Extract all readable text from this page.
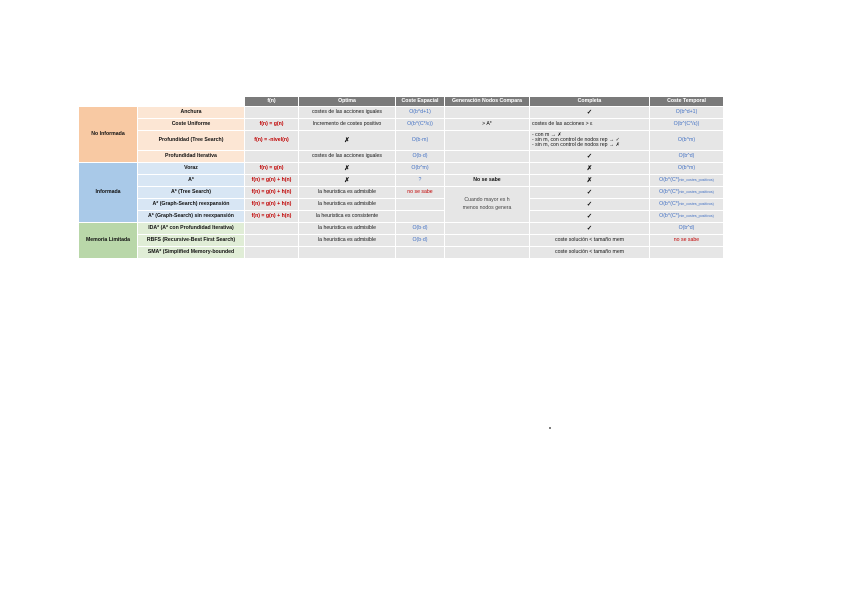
		f(n)	Optima	Coste Espacial	Generación Nodos Compara	Completa	Coste Temporal
No Informada	Anchura		costes de las acciones iguales	O(b^d+1)		✓	O(b^d+1)
	Coste Uniforme	f(n) = g(n)	Incremento de costes positivo	O(b^(C*/ε))	> A*	costes de las acciones > ε	O(b^(C*/ε))
	Profundidad (Tree Search)	f(n) = -nivel(n)	✗	O(b·m)		- con m → ✗
- sin m, con control de nodos rep → ✓
- sin m, con control de nodos rep → ✗	O(b^m)
	Profundidad Iterativa		costes de las acciones iguales	O(b·d)		✓	O(b^d)
Informada	Voraz	f(n) = g(n)	✗	O(b^m)		✗	O(b^m)
	A*	f(n) = g(n) + h(n)	✗	?	No se sabe	✗	O(b^(C*)nin_costes_positivos)
	A* (Tree Search)	f(n) = g(n) + h(n)	la heuristica es admisible	no se sabe	Cuando mayor es h
menos nodos genera	✓	O(b^(C*)nin_costes_positivos)
	A* (Graph-Search) reexpansión	f(n) = g(n) + h(n)	la heuristica es admisible			✓	O(b^(C*)nin_costes_positivos)
	A* (Graph-Search) sin reexpansión	f(n) = g(n) + h(n)	la heuristica es consistente			✓	O(b^(C*)nin_costes_positivos)
Memoria Limitada	IDA* (A* con Profundidad Iterativa)		la heuristica es admisible	O(b·d)		✓	O(b^d)
	RBFS (Recursive-Best First Search)		la heuristica es admisible	O(b·d)		coste solución < tamaño mem	no se sabe
	SMA* (Simplified Memory-bounded					coste solución < tamaño mem	
